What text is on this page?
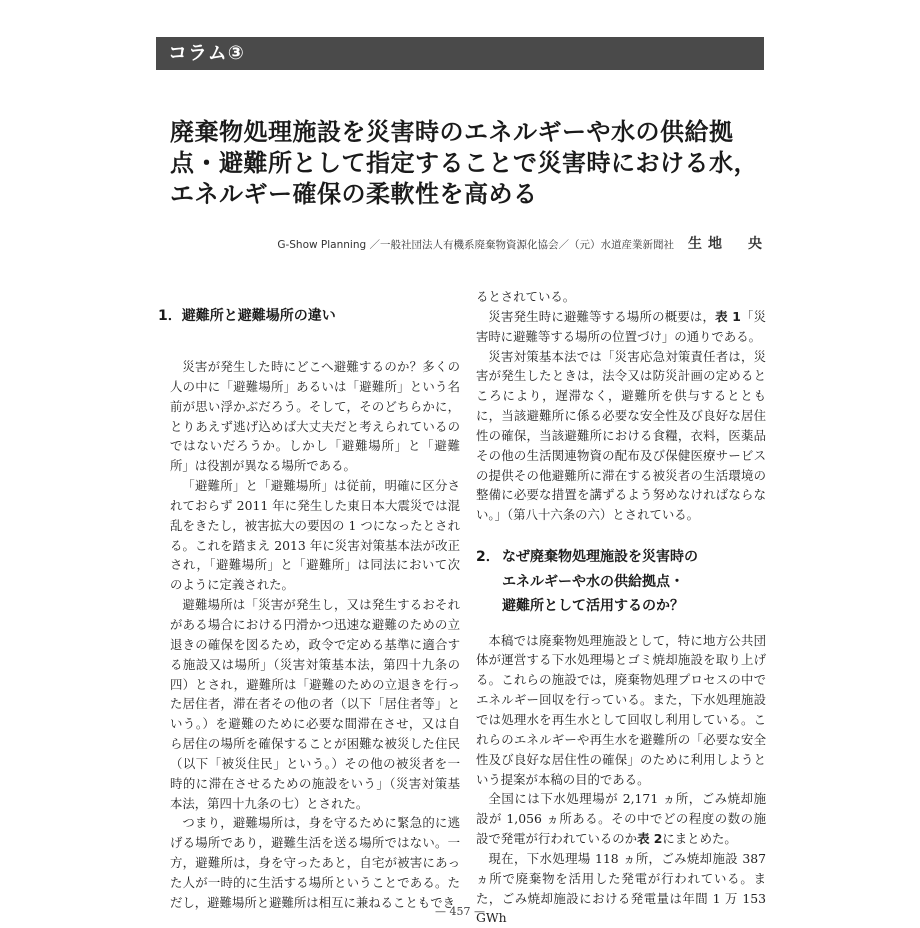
コラム③
廃棄物処理施設を災害時のエネルギーや水の供給拠
点・避難所として指定することで災害時における水，
エネルギー確保の柔軟性を高める
G-Show Planning ／一般社団法人有機系廃棄物資源化協会／（元）水道産業新聞社 生地　央
1．避難所と避難場所の違い

災害が発生した時にどこへ避難するのか？多くの人の中に「避難場所」あるいは「避難所」という名前が思い浮かぶだろう。そして，そのどちらかに，とりあえず逃げ込めば大丈夫だと考えられているのではないだろうか。しかし「避難場所」と「避難所」は役割が異なる場所である。

「避難所」と「避難場所」は従前，明確に区分されておらず 2011 年に発生した東日本大震災では混乱をきたし，被害拡大の要因の 1 つになったとされる。これを踏まえ 2013 年に災害対策基本法が改正され，「避難場所」と「避難所」は同法において次のように定義された。

避難場所は「災害が発生し，又は発生するおそれがある場合における円滑かつ迅速な避難のための立退きの確保を図るため，政令で定める基準に適合する施設又は場所」（災害対策基本法，第四十九条の四）とされ，避難所は「避難のための立退きを行った居住者，滞在者その他の者（以下「居住者等」という。）を避難のために必要な間滞在させ，又は自ら居住の場所を確保することが困難な被災した住民（以下「被災住民」という。）その他の被災者を一時的に滞在させるための施設をいう」（災害対策基本法，第四十九条の七）とされた。

つまり，避難場所は，身を守るために緊急的に逃げる場所であり，避難生活を送る場所ではない。一方，避難所は，身を守ったあと，自宅が被害にあった人が一時的に生活する場所ということである。ただし，避難場所と避難所は相互に兼ねることもでき

るとされている。

災害発生時に避難等する場所の概要は，表 1「災害時に避難等する場所の位置づけ」の通りである。

災害対策基本法では「災害応急対策責任者は，災害が発生したときは，法令又は防災計画の定めるところにより，遅滞なく，避難所を供与するとともに，当該避難所に係る必要な安全性及び良好な居住性の確保，当該避難所における食糧，衣料，医薬品その他の生活関連物資の配布及び保健医療サービスの提供その他避難所に滞在する被災者の生活環境の整備に必要な措置を講ずるよう努めなければならない。」（第八十六条の六）とされている。

2． なぜ廃棄物処理施設を災害時の
エネルギーや水の供給拠点・
避難所として活用するのか？

本稿では廃棄物処理施設として，特に地方公共団体が運営する下水処理場とゴミ焼却施設を取り上げる。これらの施設では，廃棄物処理プロセスの中でエネルギー回収を行っている。また，下水処理施設では処理水を再生水として回収し利用している。これらのエネルギーや再生水を避難所の「必要な安全性及び良好な居住性の確保」のために利用しようという提案が本稿の目的である。

全国には下水処理場が 2,171 ヵ所，ごみ焼却施設が 1,056 ヵ所ある。その中でどの程度の数の施設で発電が行われているのか表 2にまとめた。

現在，下水処理場 118 ヵ所，ごみ焼却施設 387 ヵ所で廃棄物を活用した発電が行われている。また，ごみ焼却施設における発電量は年間 1 万 153 GWh

— 457 —
